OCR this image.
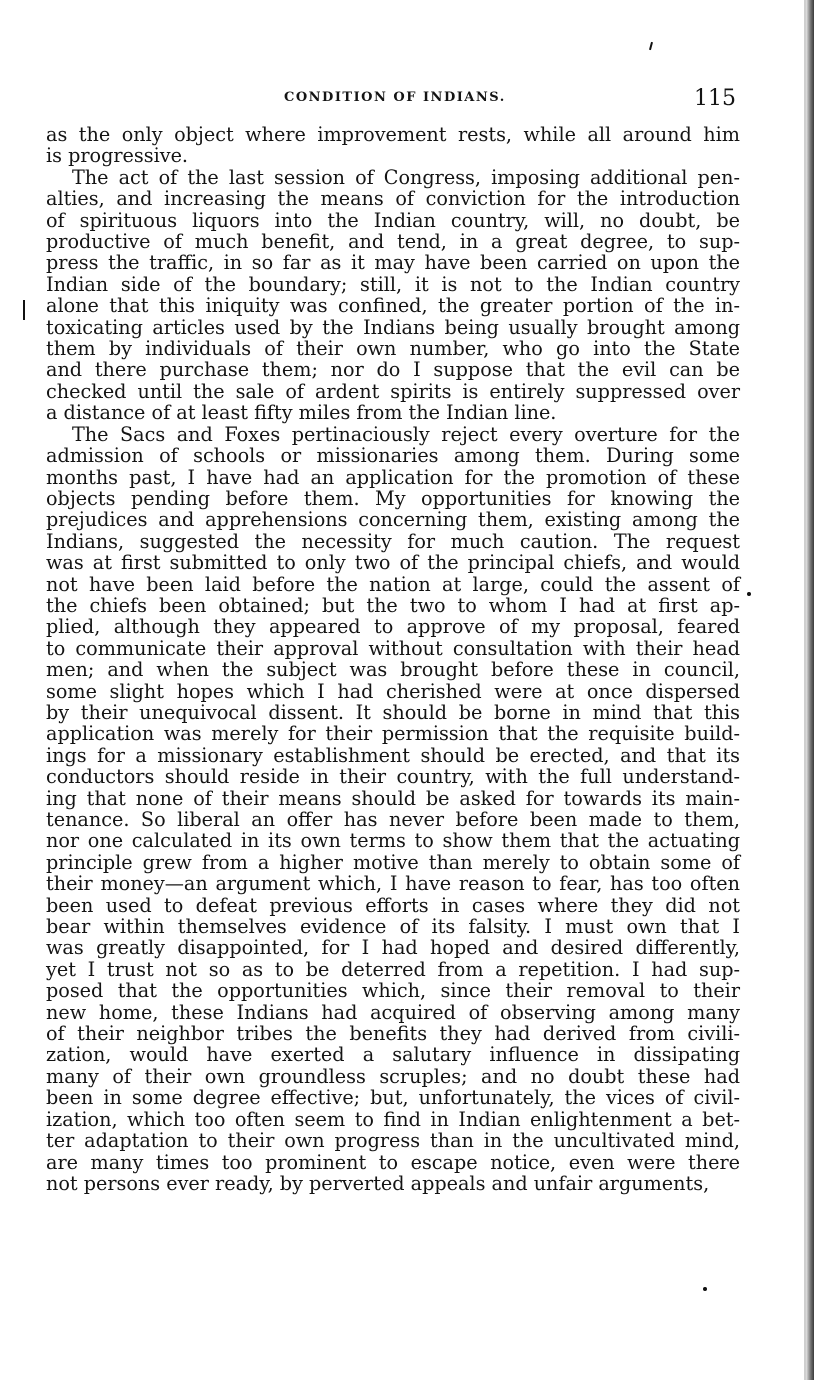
CONDITION OF INDIANS.	115

as the only object where improvement rests, while all around him
is progressive.

The act of the last session of Congress, imposing additional pen-
alties, and increasing the means of conviction for the introduction
of spirituous liquors into the Indian country, will, no doubt, be
productive of much benefit, and tend, in a great degree, to sup-
press the traffic, in so far as it may have been carried on upon the
Indian side of the boundary; still, it is not to the Indian country
alone that this iniquity was confined, the greater portion of the in-
toxicating articles used by the Indians being usually brought among
them by individuals of their own number, who go into the State
and there purchase them; nor do I suppose that the evil can be
checked until the sale of ardent spirits is entirely suppressed over
a distance of at least fifty miles from the Indian line.

The Sacs and Foxes pertinaciously reject every overture for the
admission of schools or missionaries among them. During some
months past, I have had an application for the promotion of these
objects pending before them. My opportunities for knowing the
prejudices and apprehensions concerning them, existing among the
Indians, suggested the necessity for much caution. The request
was at first submitted to only two of the principal chiefs, and would
not have been laid before the nation at large, could the assent of
the chiefs been obtained; but the two to whom I had at first ap-
plied, although they appeared to approve of my proposal, feared
to communicate their approval without consultation with their head
men; and when the subject was brought before these in council,
some slight hopes which I had cherished were at once dispersed
by their unequivocal dissent. It should be borne in mind that this
application was merely for their permission that the requisite build-
ings for a missionary establishment should be erected, and that its
conductors should reside in their country, with the full understand-
ing that none of their means should be asked for towards its main-
tenance. So liberal an offer has never before been made to them,
nor one calculated in its own terms to show them that the actuating
principle grew from a higher motive than merely to obtain some of
their money—an argument which, I have reason to fear, has too often
been used to defeat previous efforts in cases where they did not
bear within themselves evidence of its falsity. I must own that I
was greatly disappointed, for I had hoped and desired differently,
yet I trust not so as to be deterred from a repetition. I had sup-
posed that the opportunities which, since their removal to their
new home, these Indians had acquired of observing among many
of their neighbor tribes the benefits they had derived from civili-
zation, would have exerted a salutary influence in dissipating
many of their own groundless scruples; and no doubt these had
been in some degree effective; but, unfortunately, the vices of civil-
ization, which too often seem to find in Indian enlightenment a bet-
ter adaptation to their own progress than in the uncultivated mind,
are many times too prominent to escape notice, even were there
not persons ever ready, by perverted appeals and unfair arguments,
